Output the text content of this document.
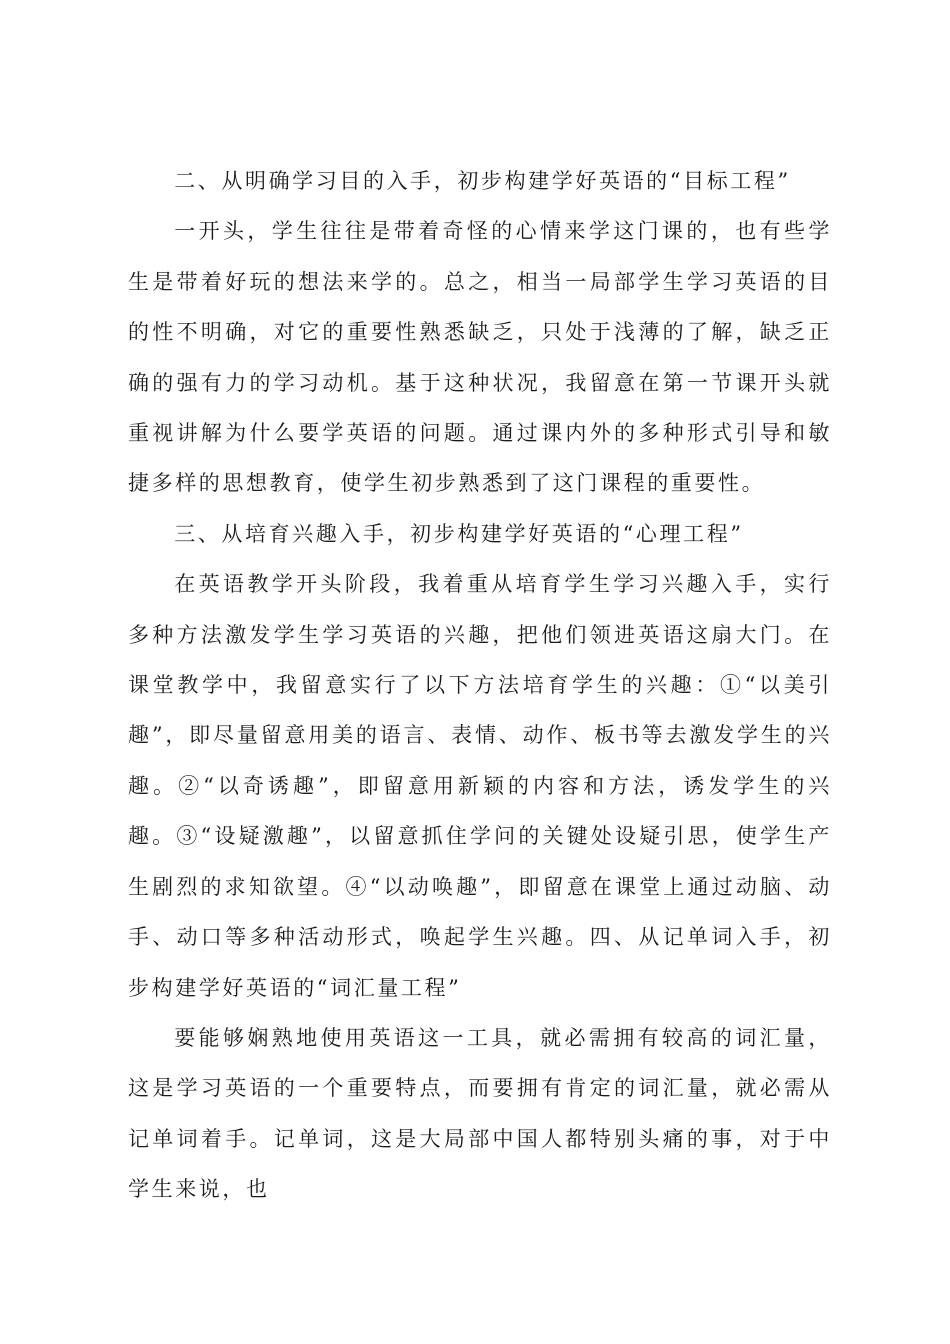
二、从明确学习目的入手，初步构建学好英语的“目标工程”

一开头，学生往往是带着奇怪的心情来学这门课的，也有些学生是带着好玩的想法来学的。总之，相当一局部学生学习英语的目的性不明确，对它的重要性熟悉缺乏，只处于浅薄的了解，缺乏正确的强有力的学习动机。基于这种状况，我留意在第一节课开头就重视讲解为什么要学英语的问题。通过课内外的多种形式引导和敏捷多样的思想教育，使学生初步熟悉到了这门课程的重要性。

三、从培育兴趣入手，初步构建学好英语的“心理工程”

在英语教学开头阶段，我着重从培育学生学习兴趣入手，实行多种方法激发学生学习英语的兴趣，把他们领进英语这扇大门。在课堂教学中，我留意实行了以下方法培育学生的兴趣：①“以美引趣”，即尽量留意用美的语言、表情、动作、板书等去激发学生的兴趣。②“以奇诱趣”，即留意用新颖的内容和方法，诱发学生的兴趣。③“设疑激趣”，以留意抓住学问的关键处设疑引思，使学生产生剧烈的求知欲望。④“以动唤趣”，即留意在课堂上通过动脑、动手、动口等多种活动形式，唤起学生兴趣。四、从记单词入手，初步构建学好英语的“词汇量工程”

要能够娴熟地使用英语这一工具，就必需拥有较高的词汇量，这是学习英语的一个重要特点，而要拥有肯定的词汇量，就必需从记单词着手。记单词，这是大局部中国人都特别头痛的事，对于中学生来说，也
